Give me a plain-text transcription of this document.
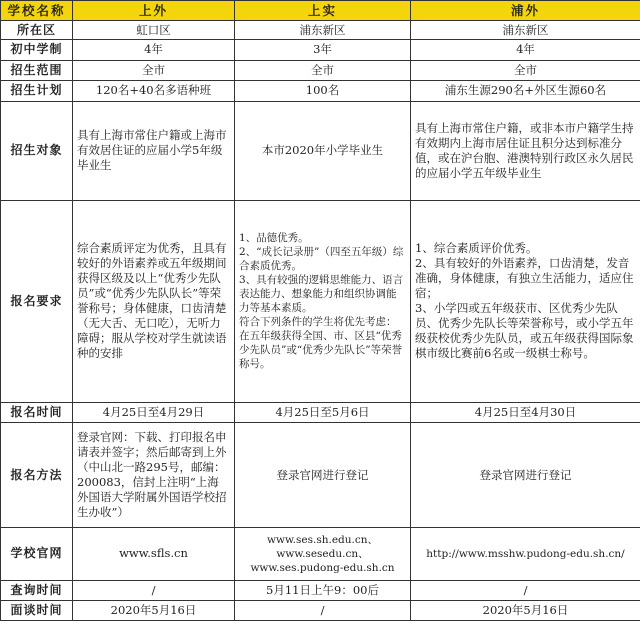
学校名称	上外	上实	浦外
所在区	虹口区	浦东新区	浦东新区
初中学制	4年	3年	4年
招生范围	全市	全市	全市
招生计划	120名+40名多语种班	100名	浦东生源290名+外区生源60名
招生对象	具有上海市常住户籍或上海市有效居住证的应届小学5年级毕业生	本市2020年小学毕业生	具有上海市常住户籍，或非本市户籍学生持有效期内上海市居住证且积分达到标准分值，或在沪台胞、港澳特别行政区永久居民的应届小学五年级毕业生
报名要求	综合素质评定为优秀，且具有较好的外语素养或五年级期间获得区级及以上“优秀少先队员”或“优秀少先队队长”等荣誉称号；身体健康，口齿清楚（无大舌、无口吃），无听力障碍；服从学校对学生就读语种的安排	1、品德优秀。
2、“成长记录册”（四至五年级）综合素质优秀。
3、具有较强的逻辑思维能力、语言表达能力、想象能力和组织协调能力等基本素质。
符合下列条件的学生将优先考虑：在五年级获得全国、市、区县“优秀少先队员”或“优秀少先队长”等荣誉称号。	1、综合素质评价优秀。
2、具有较好的外语素养，口齿清楚，发音准确，身体健康，有独立生活能力，适应住宿；
3、小学四或五年级获市、区优秀少先队员、优秀少先队长等荣誉称号，或小学五年级获校优秀少先队员，或五年级获得国际象棋市级比赛前6名或一级棋士称号。
报名时间	4月25日至4月29日	4月25日至5月6日	4月25日至4月30日
报名方法	登录官网：下载、打印报名申请表并签字；然后邮寄到上外（中山北一路295号，邮编：200083，信封上注明“上海外国语大学附属外国语学校招生办收”）	登录官网进行登记	登录官网进行登记
学校官网	www.sfls.cn	www.ses.sh.edu.cn、
www.sesedu.cn、
www.ses.pudong-edu.sh.cn	http://www.msshw.pudong-edu.sh.cn/
查询时间	/	5月11日上午9：00后	/
面谈时间	2020年5月16日	/	2020年5月16日
